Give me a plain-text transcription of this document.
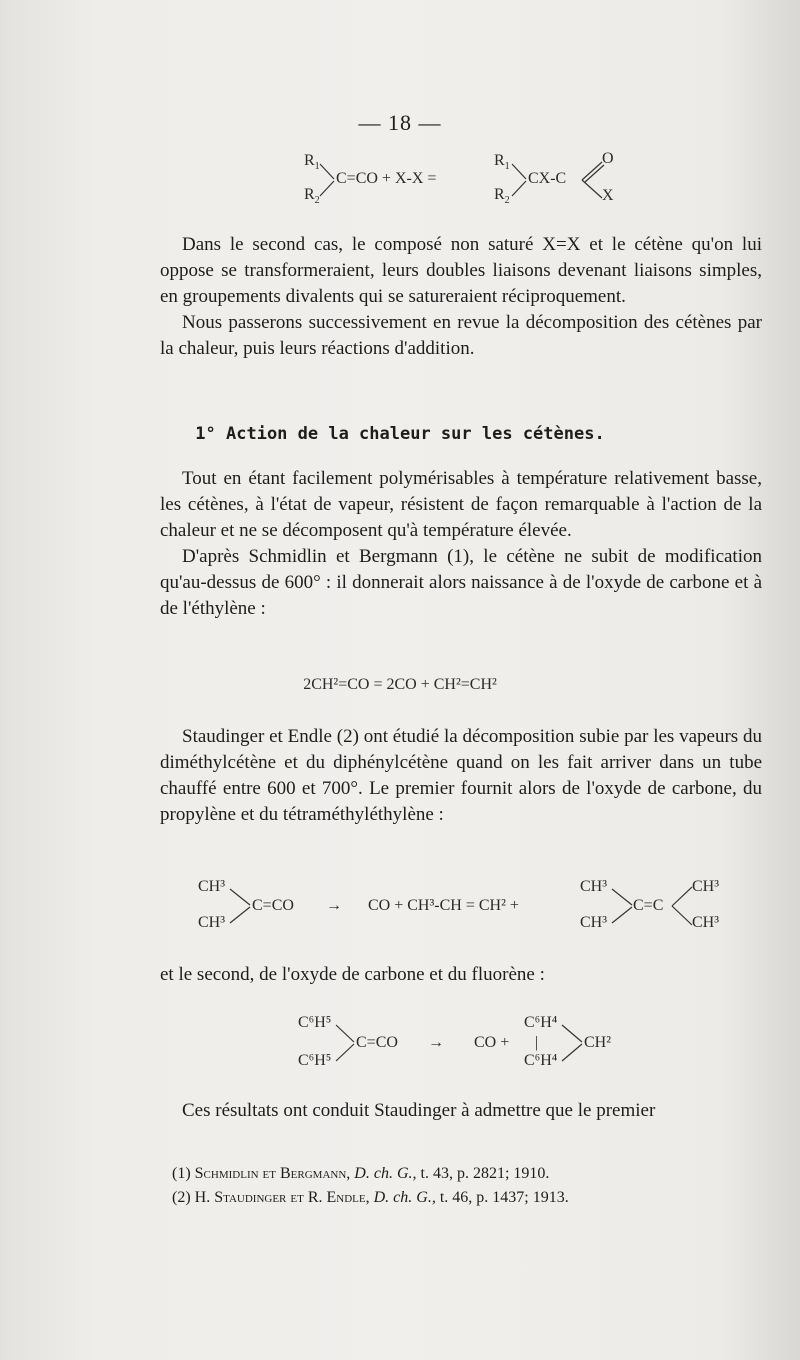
— 18 —
$R_1$
$R_2$
C=CO + X-X =
$R_1$
$R_2$
CX-C
O
X

Dans le second cas, le composé non saturé X=X et le cétène qu'on lui oppose se transformeraient, leurs doubles liaisons devenant liaisons simples, en groupements divalents qui se satureraient réciproquement.

Nous passerons successivement en revue la décomposition des cétènes par la chaleur, puis leurs réactions d'addition.

1° Action de la chaleur sur les cétènes.

Tout en étant facilement polymérisables à température relativement basse, les cétènes, à l'état de vapeur, résistent de façon remarquable à l'action de la chaleur et ne se décomposent qu'à température élevée.

D'après Schmidlin et Bergmann (1), le cétène ne subit de modification qu'au-dessus de 600° : il donnerait alors naissance à de l'oxyde de carbone et à de l'éthylène :

2CH²=CO = 2CO + CH²=CH²

Staudinger et Endle (2) ont étudié la décomposition subie par les vapeurs du diméthylcétène et du diphénylcétène quand on les fait arriver dans un tube chauffé entre 600 et 700°. Le premier fournit alors de l'oxyde de carbone, du propylène et du tétraméthyléthylène :

CH³
CH³
C=CO → CO + CH³-CH = CH² +
CH³
CH³
C=C
CH³
CH³

et le second, de l'oxyde de carbone et du fluorène :

C⁶H⁵
C⁶H⁵
C=CO → CO +
C⁶H⁴
|
C⁶H⁴
CH²

Ces résultats ont conduit Staudinger à admettre que le premier

(1) Schmidlin et Bergmann, D. ch. G., t. 43, p. 2821; 1910.
(2) H. Staudinger et R. Endle, D. ch. G., t. 46, p. 1437; 1913.
